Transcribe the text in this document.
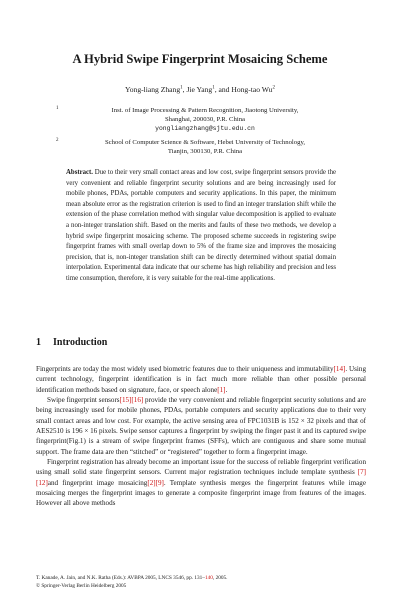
A Hybrid Swipe Fingerprint Mosaicing Scheme
Yong-liang Zhang$^1$, Jie Yang$^1$, and Hong-tao Wu$^2$
1	Inst. of Image Processing & Pattern Recognition, Jiaotong University,
Shanghai, 200030, P.R. China
yongliangzhang@sjtu.edu.cn
2	School of Computer Science & Software, Hebei University of Technology,
Tianjin, 300130, P.R. China
Abstract. Due to their very small contact areas and low cost, swipe fingerprint sensors provide the very convenient and reliable fingerprint security solutions and are being increasingly used for mobile phones, PDAs, portable computers and security applications. In this paper, the minimum mean absolute error as the registration criterion is used to find an integer translation shift while the extension of the phase correlation method with singular value decomposition is applied to evaluate a non-integer translation shift. Based on the merits and faults of these two methods, we develop a hybrid swipe fingerprint mosaicing scheme. The proposed scheme succeeds in registering swipe fingerprint frames with small overlap down to 5% of the frame size and improves the mosaicing precision, that is, non-integer translation shift can be directly determined without spatial domain interpolation. Experimental data indicate that our scheme has high reliability and precision and less time consumption, therefore, it is very suitable for the real-time applications.
1 Introduction

Fingerprints are today the most widely used biometric features due to their uniqueness and immutability[14]. Using current technology, fingerprint identification is in fact much more reliable than other possible personal identification methods based on signature, face, or speech alone[1].

Swipe fingerprint sensors[15][16] provide the very convenient and reliable fingerprint security solutions and are being increasingly used for mobile phones, PDAs, portable computers and security applications due to their very small contact areas and low cost. For example, the active sensing area of FPC1031B is 152 × 32 pixels and that of AES2510 is 196 × 16 pixels. Swipe sensor captures a fingerprint by swiping the finger past it and its captured swipe fingerprint(Fig.1) is a stream of swipe fingerprint frames (SFFs), which are contiguous and share some mutual support. The frame data are then “stitched” or “registered” together to form a fingerprint image.

Fingerprint registration has already become an important issue for the success of reliable fingerprint verification using small solid state fingerprint sensors. Current major registration techniques include template synthesis [7][12]and fingerprint image mosaicing[2][9]. Template synthesis merges the fingerprint features while image mosaicing merges the fingerprint images to generate a composite fingerprint image from features of the images. However all above methods

T. Kanade, A. Jain, and N.K. Ratha (Eds.): AVBPA 2005, LNCS 3546, pp. 131–140, 2005.
© Springer-Verlag Berlin Heidelberg 2005
